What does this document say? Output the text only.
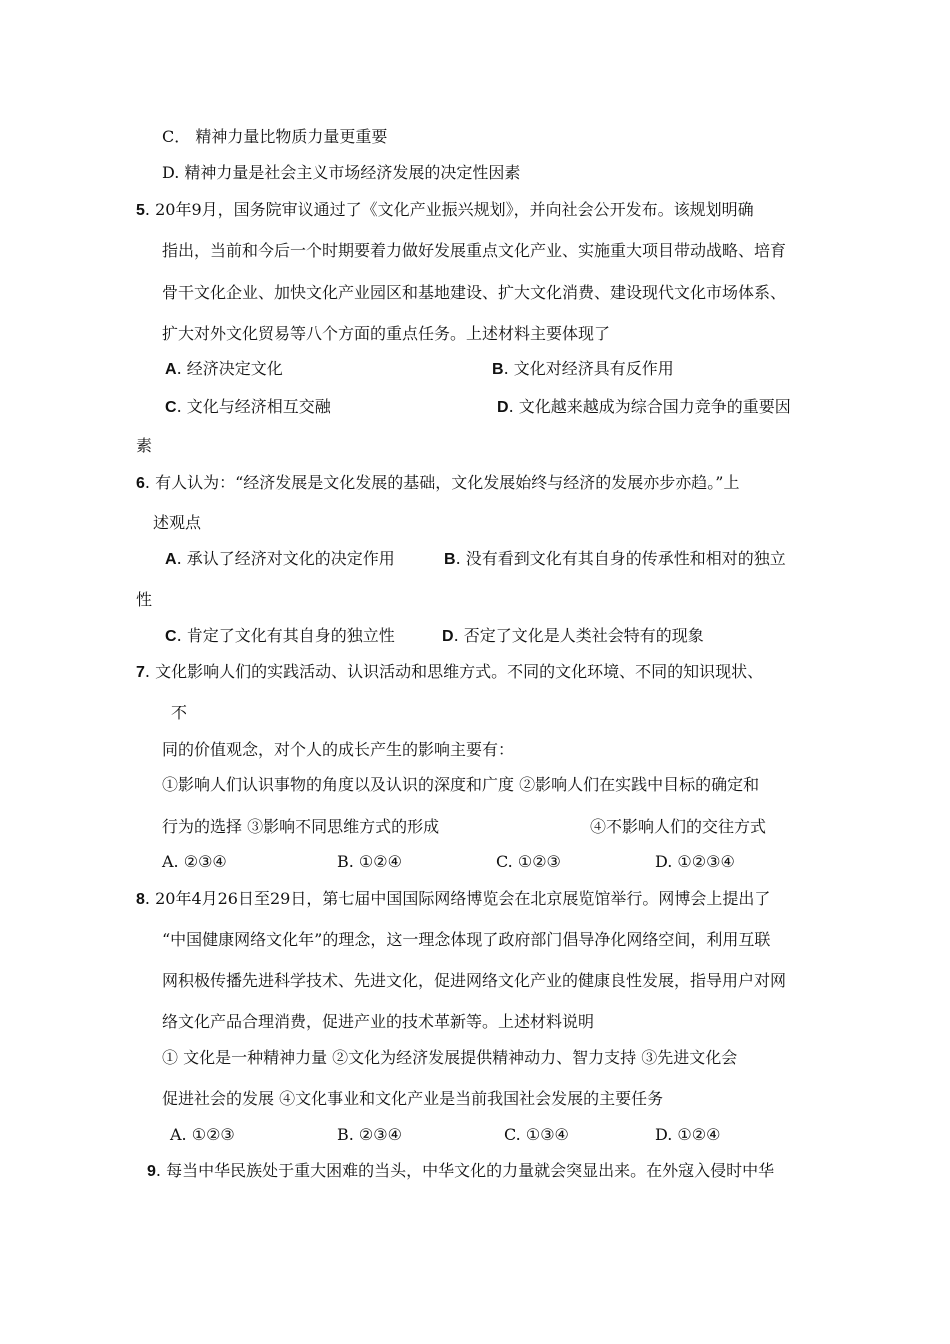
C． 精神力量比物质力量更重要
D. 精神力量是社会主义市场经济发展的决定性因素
5. 20年9月，国务院审议通过了《文化产业振兴规划》，并向社会公开发布。该规划明确
指出，当前和今后一个时期要着力做好发展重点文化产业、实施重大项目带动战略、培育
骨干文化企业、加快文化产业园区和基地建设、扩大文化消费、建设现代文化市场体系、
扩大对外文化贸易等八个方面的重点任务。上述材料主要体现了
A. 经济决定文化	B. 文化对经济具有反作用
C. 文化与经济相互交融	D. 文化越来越成为综合国力竞争的重要因
素
6. 有人认为：“经济发展是文化发展的基础，文化发展始终与经济的发展亦步亦趋。”上
述观点
A. 承认了经济对文化的决定作用	B. 没有看到文化有其自身的传承性和相对的独立
性
C. 肯定了文化有其自身的独立性	D. 否定了文化是人类社会特有的现象
7. 文化影响人们的实践活动、认识活动和思维方式。不同的文化环境、不同的知识现状、
不
同的价值观念，对个人的成长产生的影响主要有：
①影响人们认识事物的角度以及认识的深度和广度 ②影响人们在实践中目标的确定和
行为的选择 ③影响不同思维方式的形成	④不影响人们的交往方式
A. ②③④	B. ①②④	C. ①②③	D. ①②③④
8. 20年4月26日至29日，第七届中国国际网络博览会在北京展览馆举行。网博会上提出了
“中国健康网络文化年”的理念，这一理念体现了政府部门倡导净化网络空间，利用互联
网积极传播先进科学技术、先进文化，促进网络文化产业的健康良性发展，指导用户对网
络文化产品合理消费，促进产业的技术革新等。上述材料说明
① 文化是一种精神力量 ②文化为经济发展提供精神动力、智力支持 ③先进文化会
促进社会的发展 ④文化事业和文化产业是当前我国社会发展的主要任务
A. ①②③	B. ②③④	C. ①③④	D. ①②④
9. 每当中华民族处于重大困难的当头，中华文化的力量就会突显出来。在外寇入侵时中华
